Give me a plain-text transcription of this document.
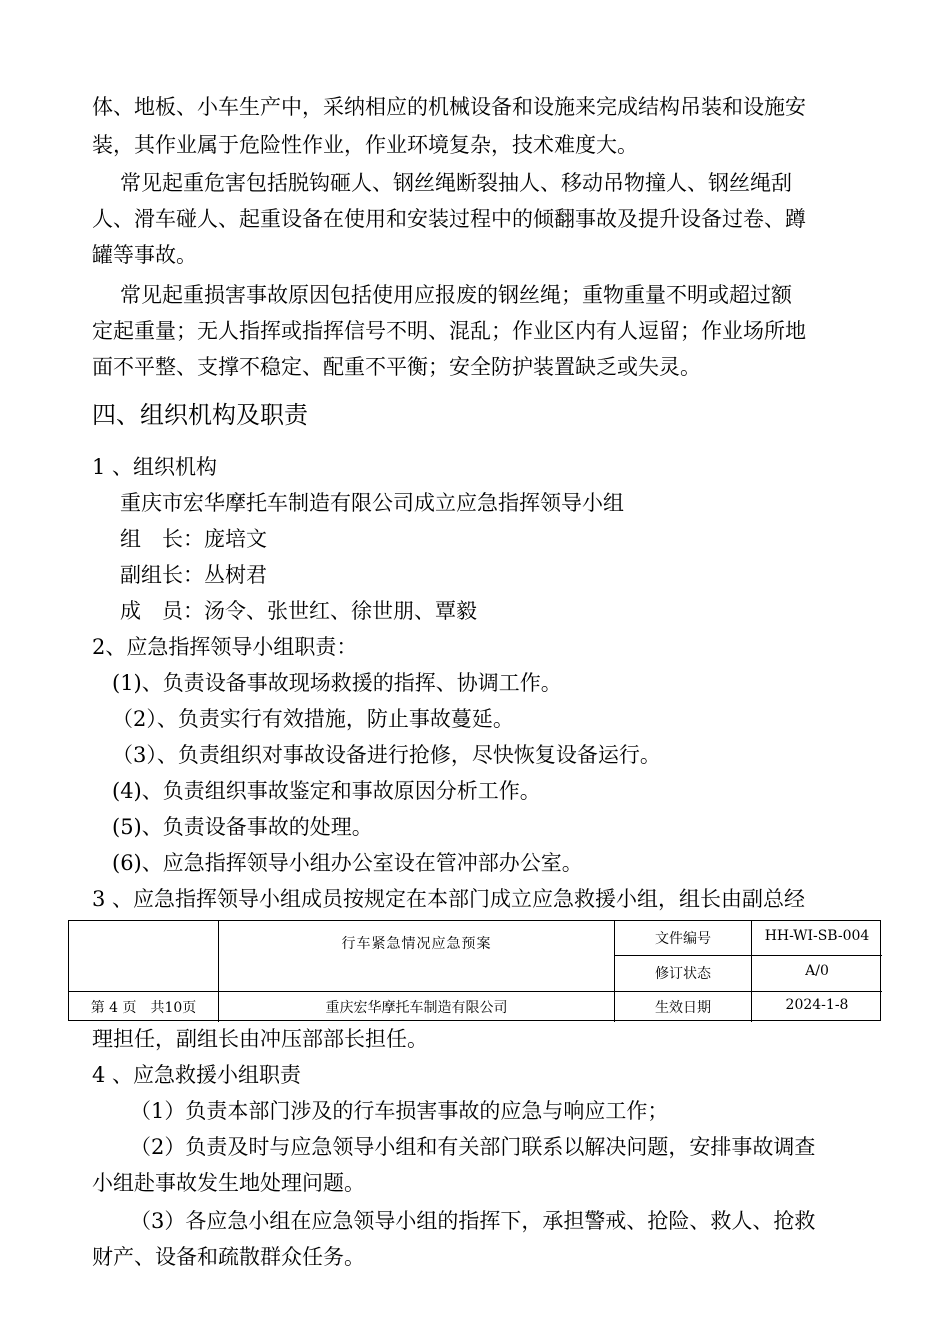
体、地板、小车生产中，采纳相应的机械设备和设施来完成结构吊装和设施安
装，其作业属于危险性作业，作业环境复杂，技术难度大。
常见起重危害包括脱钩砸人、钢丝绳断裂抽人、移动吊物撞人、钢丝绳刮
人、滑车碰人、起重设备在使用和安装过程中的倾翻事故及提升设备过卷、蹲
罐等事故。
常见起重损害事故原因包括使用应报废的钢丝绳；重物重量不明或超过额
定起重量；无人指挥或指挥信号不明、混乱；作业区内有人逗留；作业场所地
面不平整、支撑不稳定、配重不平衡；安全防护装置缺乏或失灵。
四、组织机构及职责
1 、组织机构
重庆市宏华摩托车制造有限公司成立应急指挥领导小组
组　长：庞培文
副组长：丛树君
成　员：汤令、张世红、徐世朋、覃毅
2、应急指挥领导小组职责：
(1)、负责设备事故现场救援的指挥、协调工作。
（2）、负责实行有效措施，防止事故蔓延。
（3）、负责组织对事故设备进行抢修，尽快恢复设备运行。
(4)、负责组织事故鉴定和事故原因分析工作。
(5)、负责设备事故的处理。
(6)、应急指挥领导小组办公室设在管冲部办公室。
3 、应急指挥领导小组成员按规定在本部门成立应急救援小组，组长由副总经
行车紧急情况应急预案	文件编号	HH-WI-SB-004
修订状态	A/0
第 4 页　共10页	重庆宏华摩托车制造有限公司	生效日期	2024-1-8
理担任，副组长由冲压部部长担任。
4 、应急救援小组职责
（1）负责本部门涉及的行车损害事故的应急与响应工作；
（2）负责及时与应急领导小组和有关部门联系以解决问题，安排事故调查
小组赴事故发生地处理问题。
（3）各应急小组在应急领导小组的指挥下，承担警戒、抢险、救人、抢救
财产、设备和疏散群众任务。
